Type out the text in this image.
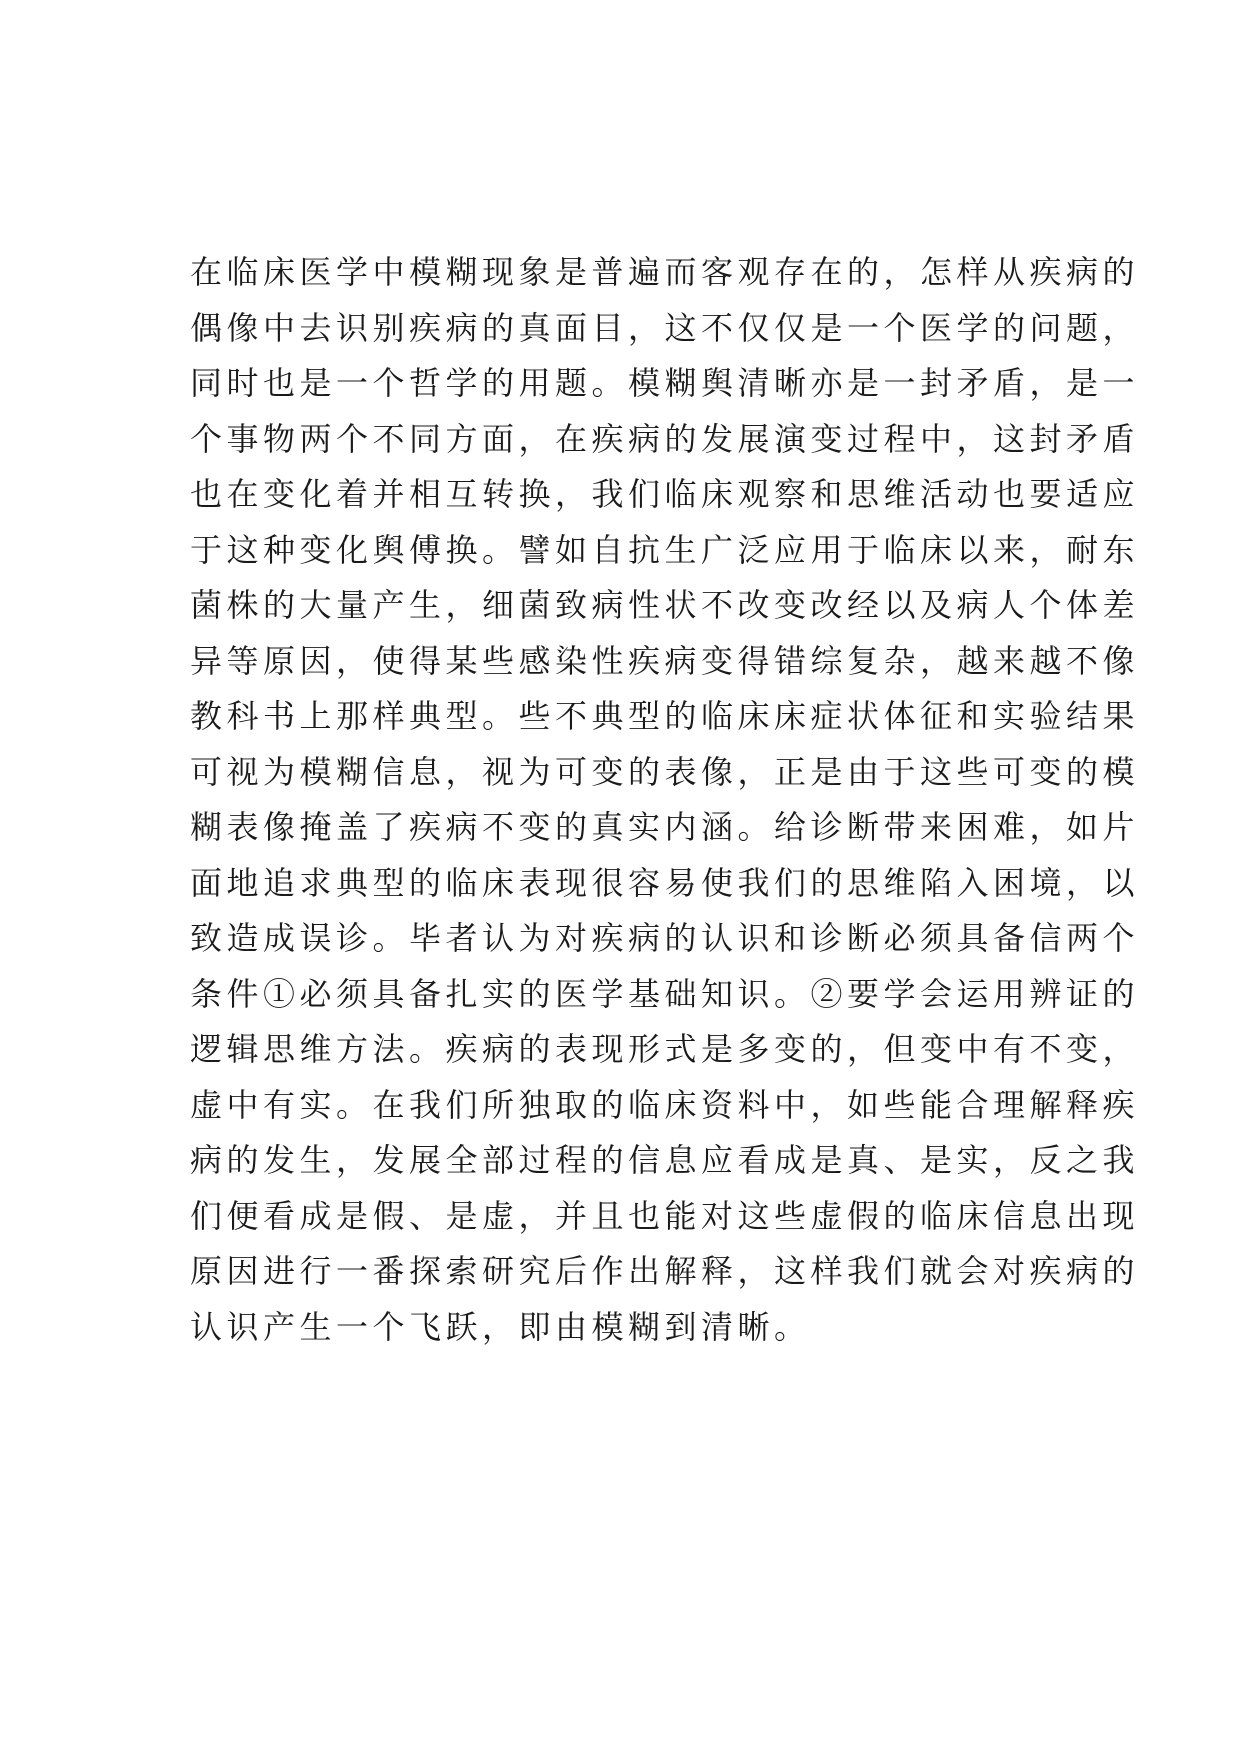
在临床医学中模糊现象是普遍而客观存在的，怎样从疾病的
偶像中去识别疾病的真面目，这不仅仅是一个医学的问题，
同时也是一个哲学的用题。模糊舆清晰亦是一封矛盾，是一
个事物两个不同方面，在疾病的发展演变过程中，这封矛盾
也在变化着并相互转换，我们临床观察和思维活动也要适应
于这种变化舆傅换。譬如自抗生广泛应用于临床以来，耐东
菌株的大量产生，细菌致病性状不改变改经以及病人个体差
异等原因，使得某些感染性疾病变得错综复杂，越来越不像
教科书上那样典型。些不典型的临床床症状体征和实验结果
可视为模糊信息，视为可变的表像，正是由于这些可变的模
糊表像掩盖了疾病不变的真实内涵。给诊断带来困难，如片
面地追求典型的临床表现很容易使我们的思维陷入困境，以
致造成误诊。毕者认为对疾病的认识和诊断必须具备信两个
条件①必须具备扎实的医学基础知识。②要学会运用辨证的
逻辑思维方法。疾病的表现形式是多变的，但变中有不变，
虚中有实。在我们所独取的临床资料中，如些能合理解释疾
病的发生，发展全部过程的信息应看成是真、是实，反之我
们便看成是假、是虚，并且也能对这些虚假的临床信息出现
原因进行一番探索研究后作出解释，这样我们就会对疾病的
认识产生一个飞跃，即由模糊到清晰。
